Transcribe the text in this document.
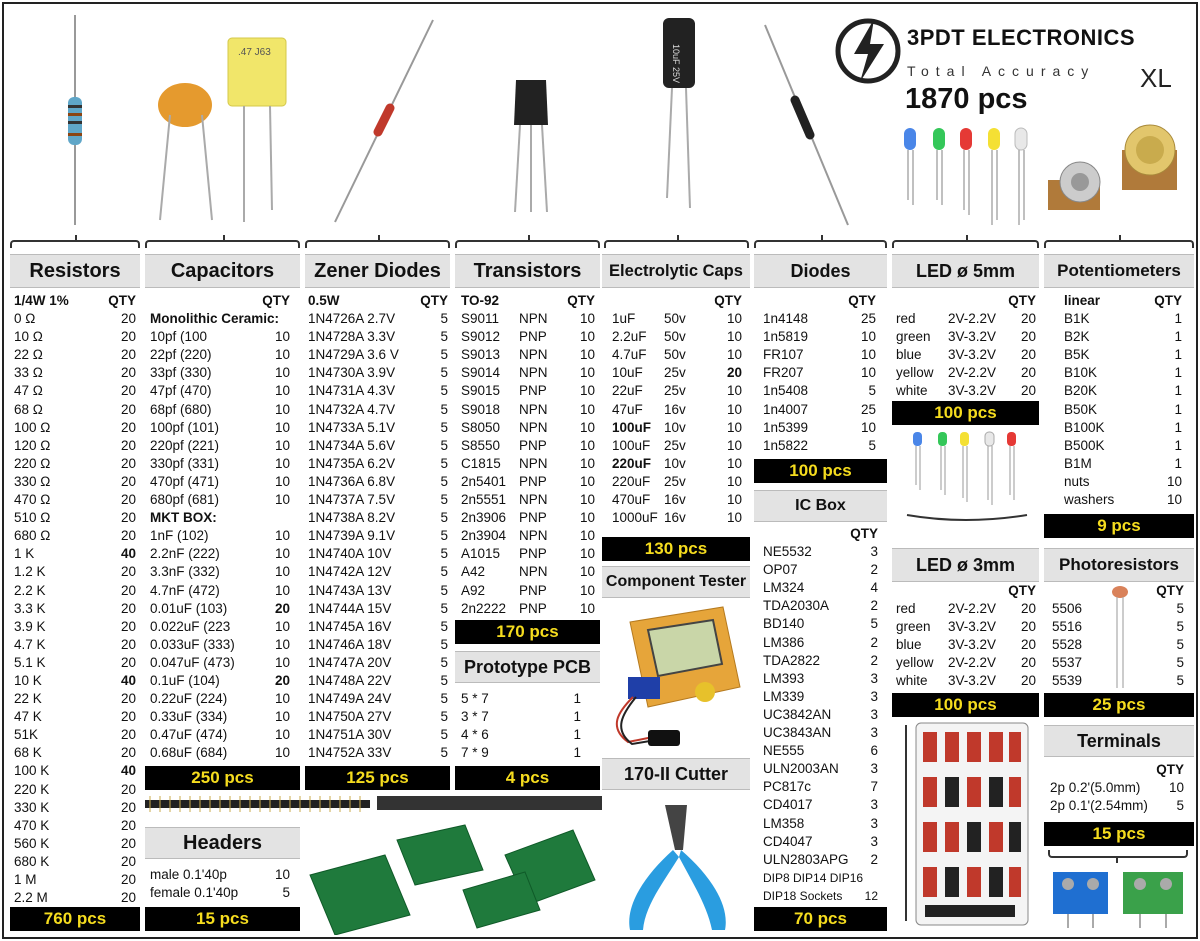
.47 J63	10uF 25V
3PDT ELECTRONICS
Total Accuracy XL
1870 pcs
Resistors
1/4W 1%	QTY
0 Ω	20
10 Ω	20
22 Ω	20
33 Ω	20
47 Ω	20
68 Ω	20
100 Ω	20
120 Ω	20
220 Ω	20
330 Ω	20
470 Ω	20
510 Ω	20
680 Ω	20
1 K	40
1.2 K	20
2.2 K	20
3.3 K	20
3.9 K	20
4.7 K	20
5.1 K	20
10 K	40
22 K	20
47 K	20
51K	20
68 K	20
100 K	40
220 K	20
330 K	20
470 K	20
560 K	20
680 K	20
1 M	20
2.2 M	20
760 pcs
Capacitors
QTY
Monolithic Ceramic:
10pf (100	10
22pf (220)	10
33pf (330)	10
47pf (470)	10
68pf (680)	10
100pf (101)	10
220pf (221)	10
330pf (331)	10
470pf (471)	10
680pf (681)	10
MKT BOX:
1nF (102)	10
2.2nF (222)	10
3.3nF (332)	10
4.7nF (472)	10
0.01uF (103)	20
0.022uF (223	10
0.033uF (333)	10
0.047uF (473)	10
0.1uF (104)	20
0.22uF (224)	10
0.33uF (334)	10
0.47uF (474)	10
0.68uF (684)	10
250 pcs
Headers
male 0.1'40p	10
female 0.1'40p	5
15 pcs
Zener Diodes
0.5W	QTY
1N4726A 2.7V	5
1N4728A 3.3V	5
1N4729A 3.6 V	5
1N4730A 3.9V	5
1N4731A 4.3V	5
1N4732A 4.7V	5
1N4733A 5.1V	5
1N4734A 5.6V	5
1N4735A 6.2V	5
1N4736A 6.8V	5
1N4737A 7.5V	5
1N4738A 8.2V	5
1N4739A 9.1V	5
1N4740A 10V	5
1N4742A 12V	5
1N4743A 13V	5
1N4744A 15V	5
1N4745A 16V	5
1N4746A 18V	5
1N4747A 20V	5
1N4748A 22V	5
1N4749A 24V	5
1N4750A 27V	5
1N4751A 30V	5
1N4752A 33V	5
125 pcs
Transistors
TO-92	QTY
S9011	NPN	10
S9012	PNP	10
S9013	NPN	10
S9014	NPN	10
S9015	PNP	10
S9018	NPN	10
S8050	NPN	10
S8550	PNP	10
C1815	NPN	10
2n5401 PNP	10
2n5551 NPN	10
2n3906 PNP	10
2n3904 NPN	10
A1015	PNP	10
A42	NPN	10
A92	PNP	10
2n2222 PNP	10
170 pcs
Prototype PCB
5 * 7	1
3 * 7	1
4 * 6	1
7 * 9	1
4 pcs
Electrolytic Caps
QTY
1uF	50v	10
2.2uF	50v	10
4.7uF	50v	10
10uF	25v	20
22uF	25v	10
47uF	16v	10
100uF 10v	10
100uF	25v	10
220uF 10v	10
220uF	25v	10
470uF	16v	10
1000uF 16v	10
130 pcs
Component Tester
170-II Cutter
Diodes
QTY
1n4148	25
1n5819	10
FR107	10
FR207	10
1n5408	5
1n4007	25
1n5399	10
1n5822	5
100 pcs
IC Box
QTY
NE5532	3
OP07	2
LM324	4
TDA2030A	2
BD140	5
LM386	2
TDA2822	2
LM393	3
LM339	3
UC3842AN	3
UC3843AN	3
NE555	6
ULN2003AN	3
PC817c	7
CD4017	3
LM358	3
CD4047	3
ULN2803APG	2
DIP8 DIP14 DIP16
DIP18 Sockets 12
70 pcs
LED ø 5mm
QTY
red	2V-2.2V	20
green	3V-3.2V	20
blue	3V-3.2V	20
yellow	2V-2.2V	20
white	3V-3.2V	20
100 pcs
LED ø 3mm
QTY
red	2V-2.2V	20
green	3V-3.2V	20
blue	3V-3.2V	20
yellow	2V-2.2V	20
white	3V-3.2V	20
100 pcs
Potentiometers
linear	QTY
B1K	1
B2K	1
B5K	1
B10K	1
B20K	1
B50K	1
B100K	1
B500K	1
B1M	1
nuts	10
washers	10
9 pcs
Photoresistors
QTY
5506	5
5516	5
5528	5
5537	5
5539	5
25 pcs
Terminals
QTY
2p 0.2'(5.0mm)	10
2p 0.1'(2.54mm)	5
15 pcs
